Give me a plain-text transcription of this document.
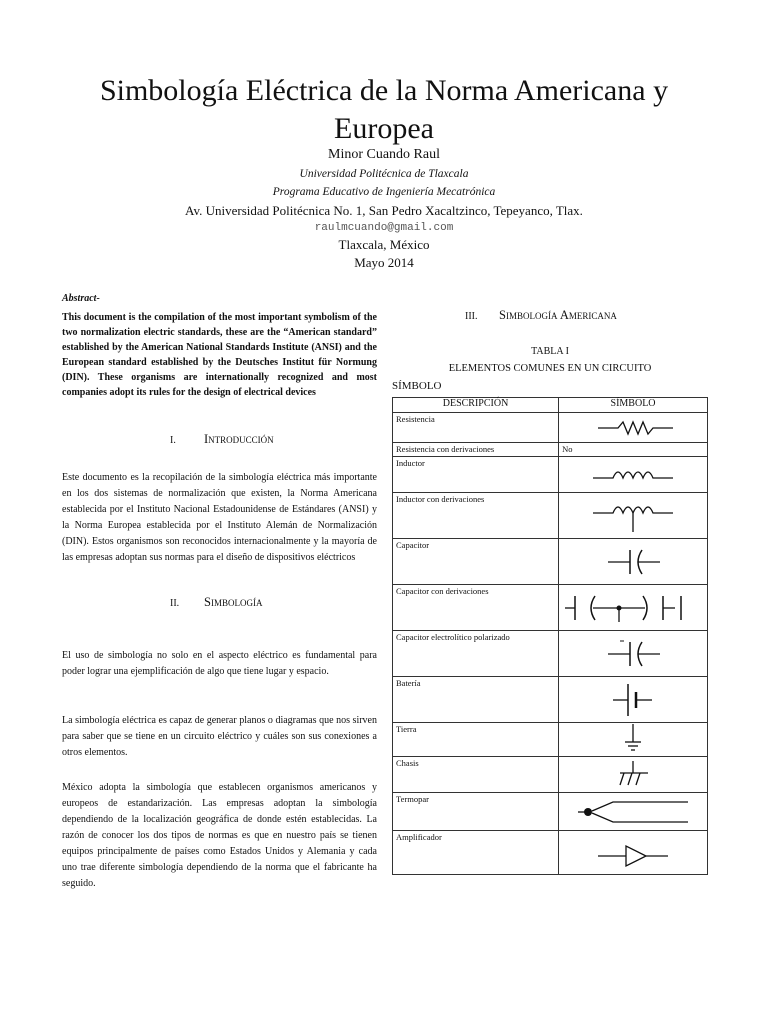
Simbología Eléctrica de la Norma Americana y Europea
Minor Cuando Raul
Universidad Politécnica de Tlaxcala
Programa Educativo de Ingeniería Mecatrónica
Av. Universidad Politécnica No. 1, San Pedro Xacaltzinco, Tepeyanco, Tlax.
raulmcuando@gmail.com
Tlaxcala, México
Mayo 2014
Abstract-
This document is the compilation of the most important symbolism of the two normalization electric standards, these are the “American standard” established by the American National Standards Institute (ANSI) and the European standard established by the Deutsches Institut für Normung (DIN). These organisms are internationally recognized and most companies adopt its rules for the design of electrical devices
I. Introducción
Este documento es la recopilación de la simbología eléctrica más importante en los dos sistemas de normalización que existen, la Norma Americana establecida por el Instituto Nacional Estadounidense de Estándares (ANSI) y la Norma Europea establecida por el Instituto Alemán de Normalización (DIN). Estos organismos son reconocidos internacionalmente y la mayoría de las empresas adoptan sus normas para el diseño de dispositivos eléctricos
II. Simbología
El uso de simbología no solo en el aspecto eléctrico es fundamental para poder lograr una ejemplificación de algo que tiene lugar y espacio.
La simbología eléctrica es capaz de generar planos o diagramas que nos sirven para saber que se tiene en un circuito eléctrico y cuáles son sus conexiones a otros elementos.
México adopta la simbología que establecen organismos americanos y europeos de estandarización. Las empresas adoptan la simbología dependiendo de la localización geográfica de donde estén establecidas. La razón de conocer los dos tipos de normas es que en nuestro país se tienen equipos principalmente de países como Estados Unidos y Alemania y cada uno trae diferente simbología dependiendo de la norma que el fabricante ha seguido.
III. Simbología Americana
TABLA I
ELEMENTOS COMUNES EN UN CIRCUITO
SÍMBOLO
DESCRIPCIÓN	SÍMBOLO
Resistencia	

Resistencia con derivaciones	No
Inductor	

Inductor con derivaciones	

Capacitor	

Capacitor con derivaciones	

Capacitor electrolítico polarizado	

Batería	

Tierra	

Chasis	

Termopar	

Amplificador	
